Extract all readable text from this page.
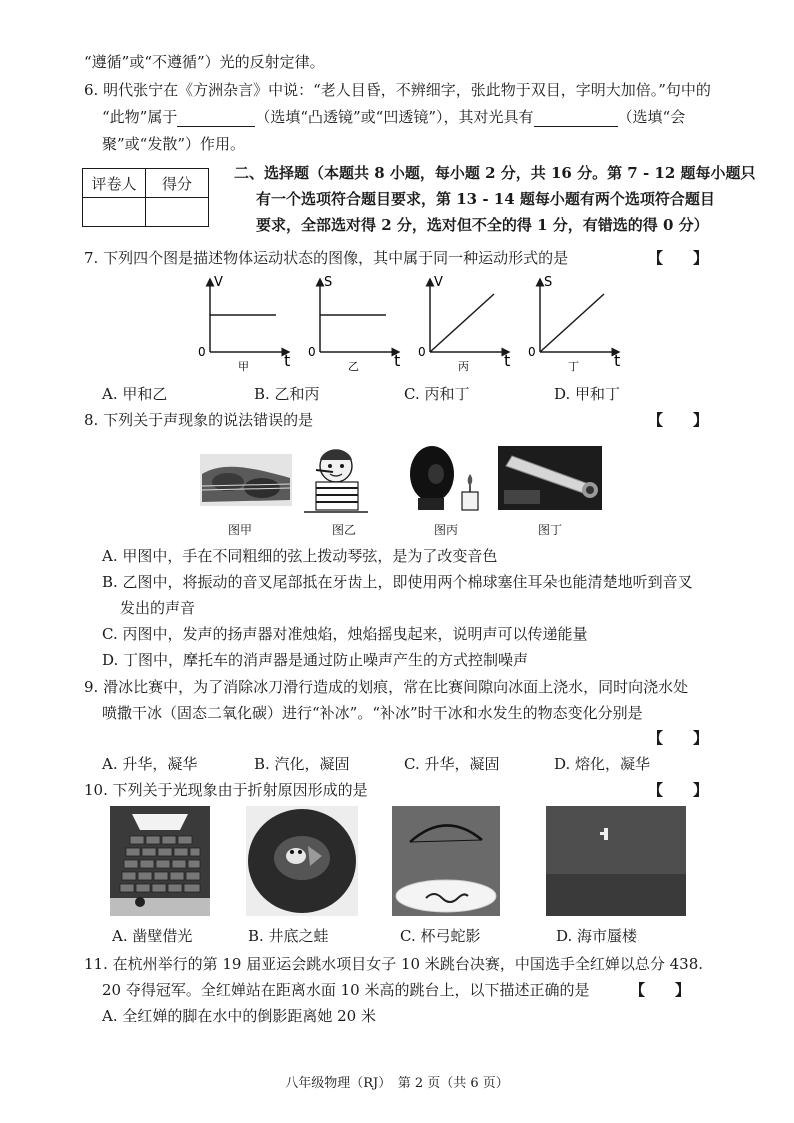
“遵循”或“不遵循”）光的反射定律。
6. 明代张宁在《方洲杂言》中说：“老人目昏，不辨细字，张此物于双目，字明大加倍。”句中的
“此物”属于	（选填“凸透镜”或“凹透镜”），其对光具有	（选填“会
聚”或“发散”）作用。
评卷人	得分

二、选择题（本题共 8 小题，每小题 2 分，共 16 分。第 7 - 12 题每小题只
有一个选项符合题目要求，第 13 - 14 题每小题有两个选项符合题目
要求，全部选对得 2 分，选对但不全的得 1 分，有错选的得 0 分）
7. 下列四个图是描述物体运动状态的图像，其中属于同一种运动形式的是	【　　】
V
0	t
甲
S
0	t
乙
V
0	t
丙
S
0	t
丁
A. 甲和乙	B. 乙和丙	C. 丙和丁	D. 甲和丁
8. 下列关于声现象的说法错误的是	【　　】
图甲	图乙	图丙	图丁
A. 甲图中，手在不同粗细的弦上拨动琴弦，是为了改变音色
B. 乙图中，将振动的音叉尾部抵在牙齿上，即使用两个棉球塞住耳朵也能清楚地听到音叉
发出的声音
C. 丙图中，发声的扬声器对准烛焰，烛焰摇曳起来，说明声可以传递能量
D. 丁图中，摩托车的消声器是通过防止噪声产生的方式控制噪声
9. 滑冰比赛中，为了消除冰刀滑行造成的划痕，常在比赛间隙向冰面上浇水，同时向浇水处
喷撒干冰（固态二氧化碳）进行“补冰”。“补冰”时干冰和水发生的物态变化分别是
【　　】
A. 升华，凝华	B. 汽化，凝固	C. 升华，凝固	D. 熔化，凝华
10. 下列关于光现象由于折射原因形成的是	【　　】
A. 凿壁借光	B. 井底之蛙	C. 杯弓蛇影	D. 海市蜃楼
11. 在杭州举行的第 19 届亚运会跳水项目女子 10 米跳台决赛，中国选手全红婵以总分 438.
20 夺得冠军。全红婵站在距离水面 10 米高的跳台上，以下描述正确的是	【　　】
A. 全红婵的脚在水中的倒影距离她 20 米
八年级物理（RJ）　第 2 页（共 6 页）
